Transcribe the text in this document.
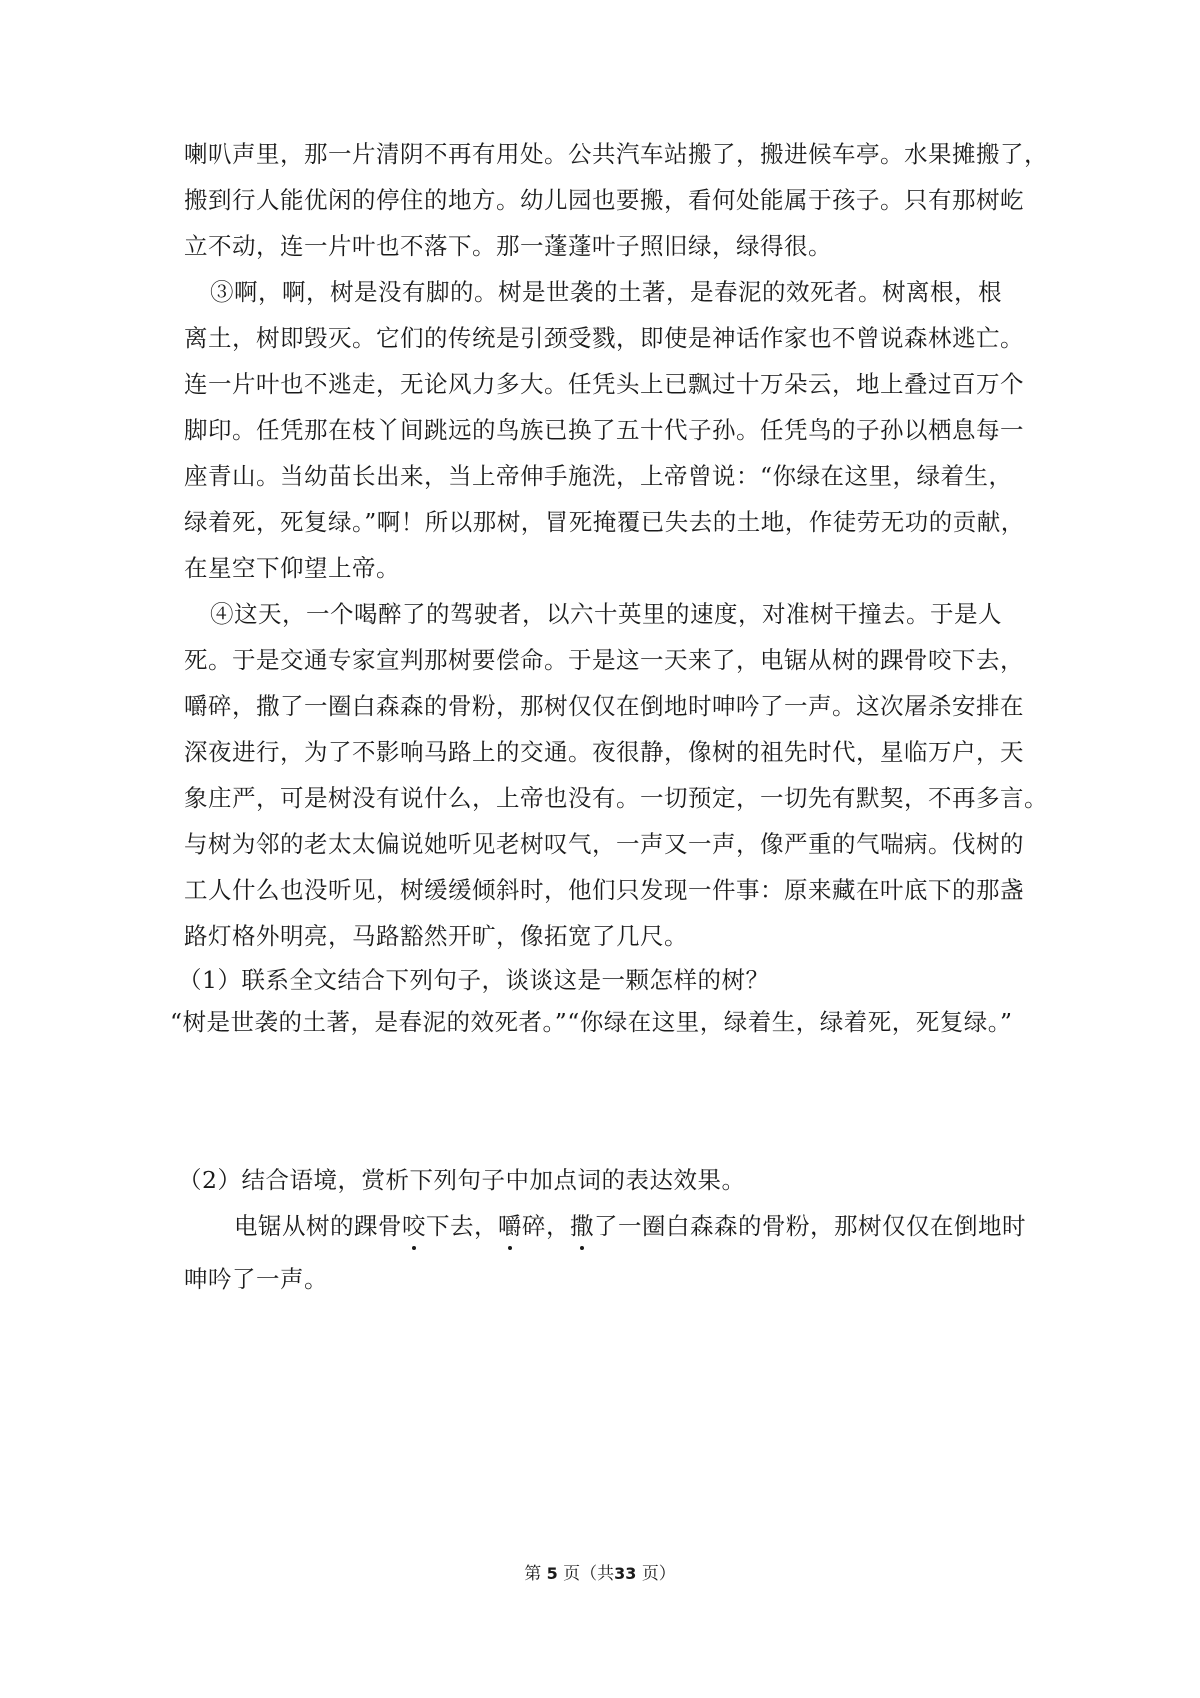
喇叭声里，那一片清阴不再有用处。公共汽车站搬了，搬进候车亭。水果摊搬了，
搬到行人能优闲的停住的地方。幼儿园也要搬，看何处能属于孩子。只有那树屹
立不动，连一片叶也不落下。那一蓬蓬叶子照旧绿，绿得很。
③啊，啊，树是没有脚的。树是世袭的土著，是春泥的效死者。树离根，根
离土，树即毁灭。它们的传统是引颈受戮，即使是神话作家也不曾说森林逃亡。
连一片叶也不逃走，无论风力多大。任凭头上已飘过十万朵云，地上叠过百万个
脚印。任凭那在枝丫间跳远的鸟族已换了五十代子孙。任凭鸟的子孙以栖息每一
座青山。当幼苗长出来，当上帝伸手施洗，上帝曾说：“你绿在这里，绿着生，
绿着死，死复绿。”啊！所以那树，冒死掩覆已失去的土地，作徒劳无功的贡献，
在星空下仰望上帝。
④这天，一个喝醉了的驾驶者，以六十英里的速度，对准树干撞去。于是人
死。于是交通专家宣判那树要偿命。于是这一天来了，电锯从树的踝骨咬下去，
嚼碎，撒了一圈白森森的骨粉，那树仅仅在倒地时呻吟了一声。这次屠杀安排在
深夜进行，为了不影响马路上的交通。夜很静，像树的祖先时代，星临万户，天
象庄严，可是树没有说什么，上帝也没有。一切预定，一切先有默契，不再多言。
与树为邻的老太太偏说她听见老树叹气，一声又一声，像严重的气喘病。伐树的
工人什么也没听见，树缓缓倾斜时，他们只发现一件事：原来藏在叶底下的那盏
路灯格外明亮，马路豁然开旷，像拓宽了几尺。
（1）联系全文结合下列句子，谈谈这是一颗怎样的树？
“树是世袭的土著，是春泥的效死者。”“你绿在这里，绿着生，绿着死，死复绿。”
（2）结合语境，赏析下列句子中加点词的表达效果。
电锯从树的踝骨咬下去，嚼碎，撒了一圈白森森的骨粉，那树仅仅在倒地时
呻吟了一声。
第 5 页（共33 页）
